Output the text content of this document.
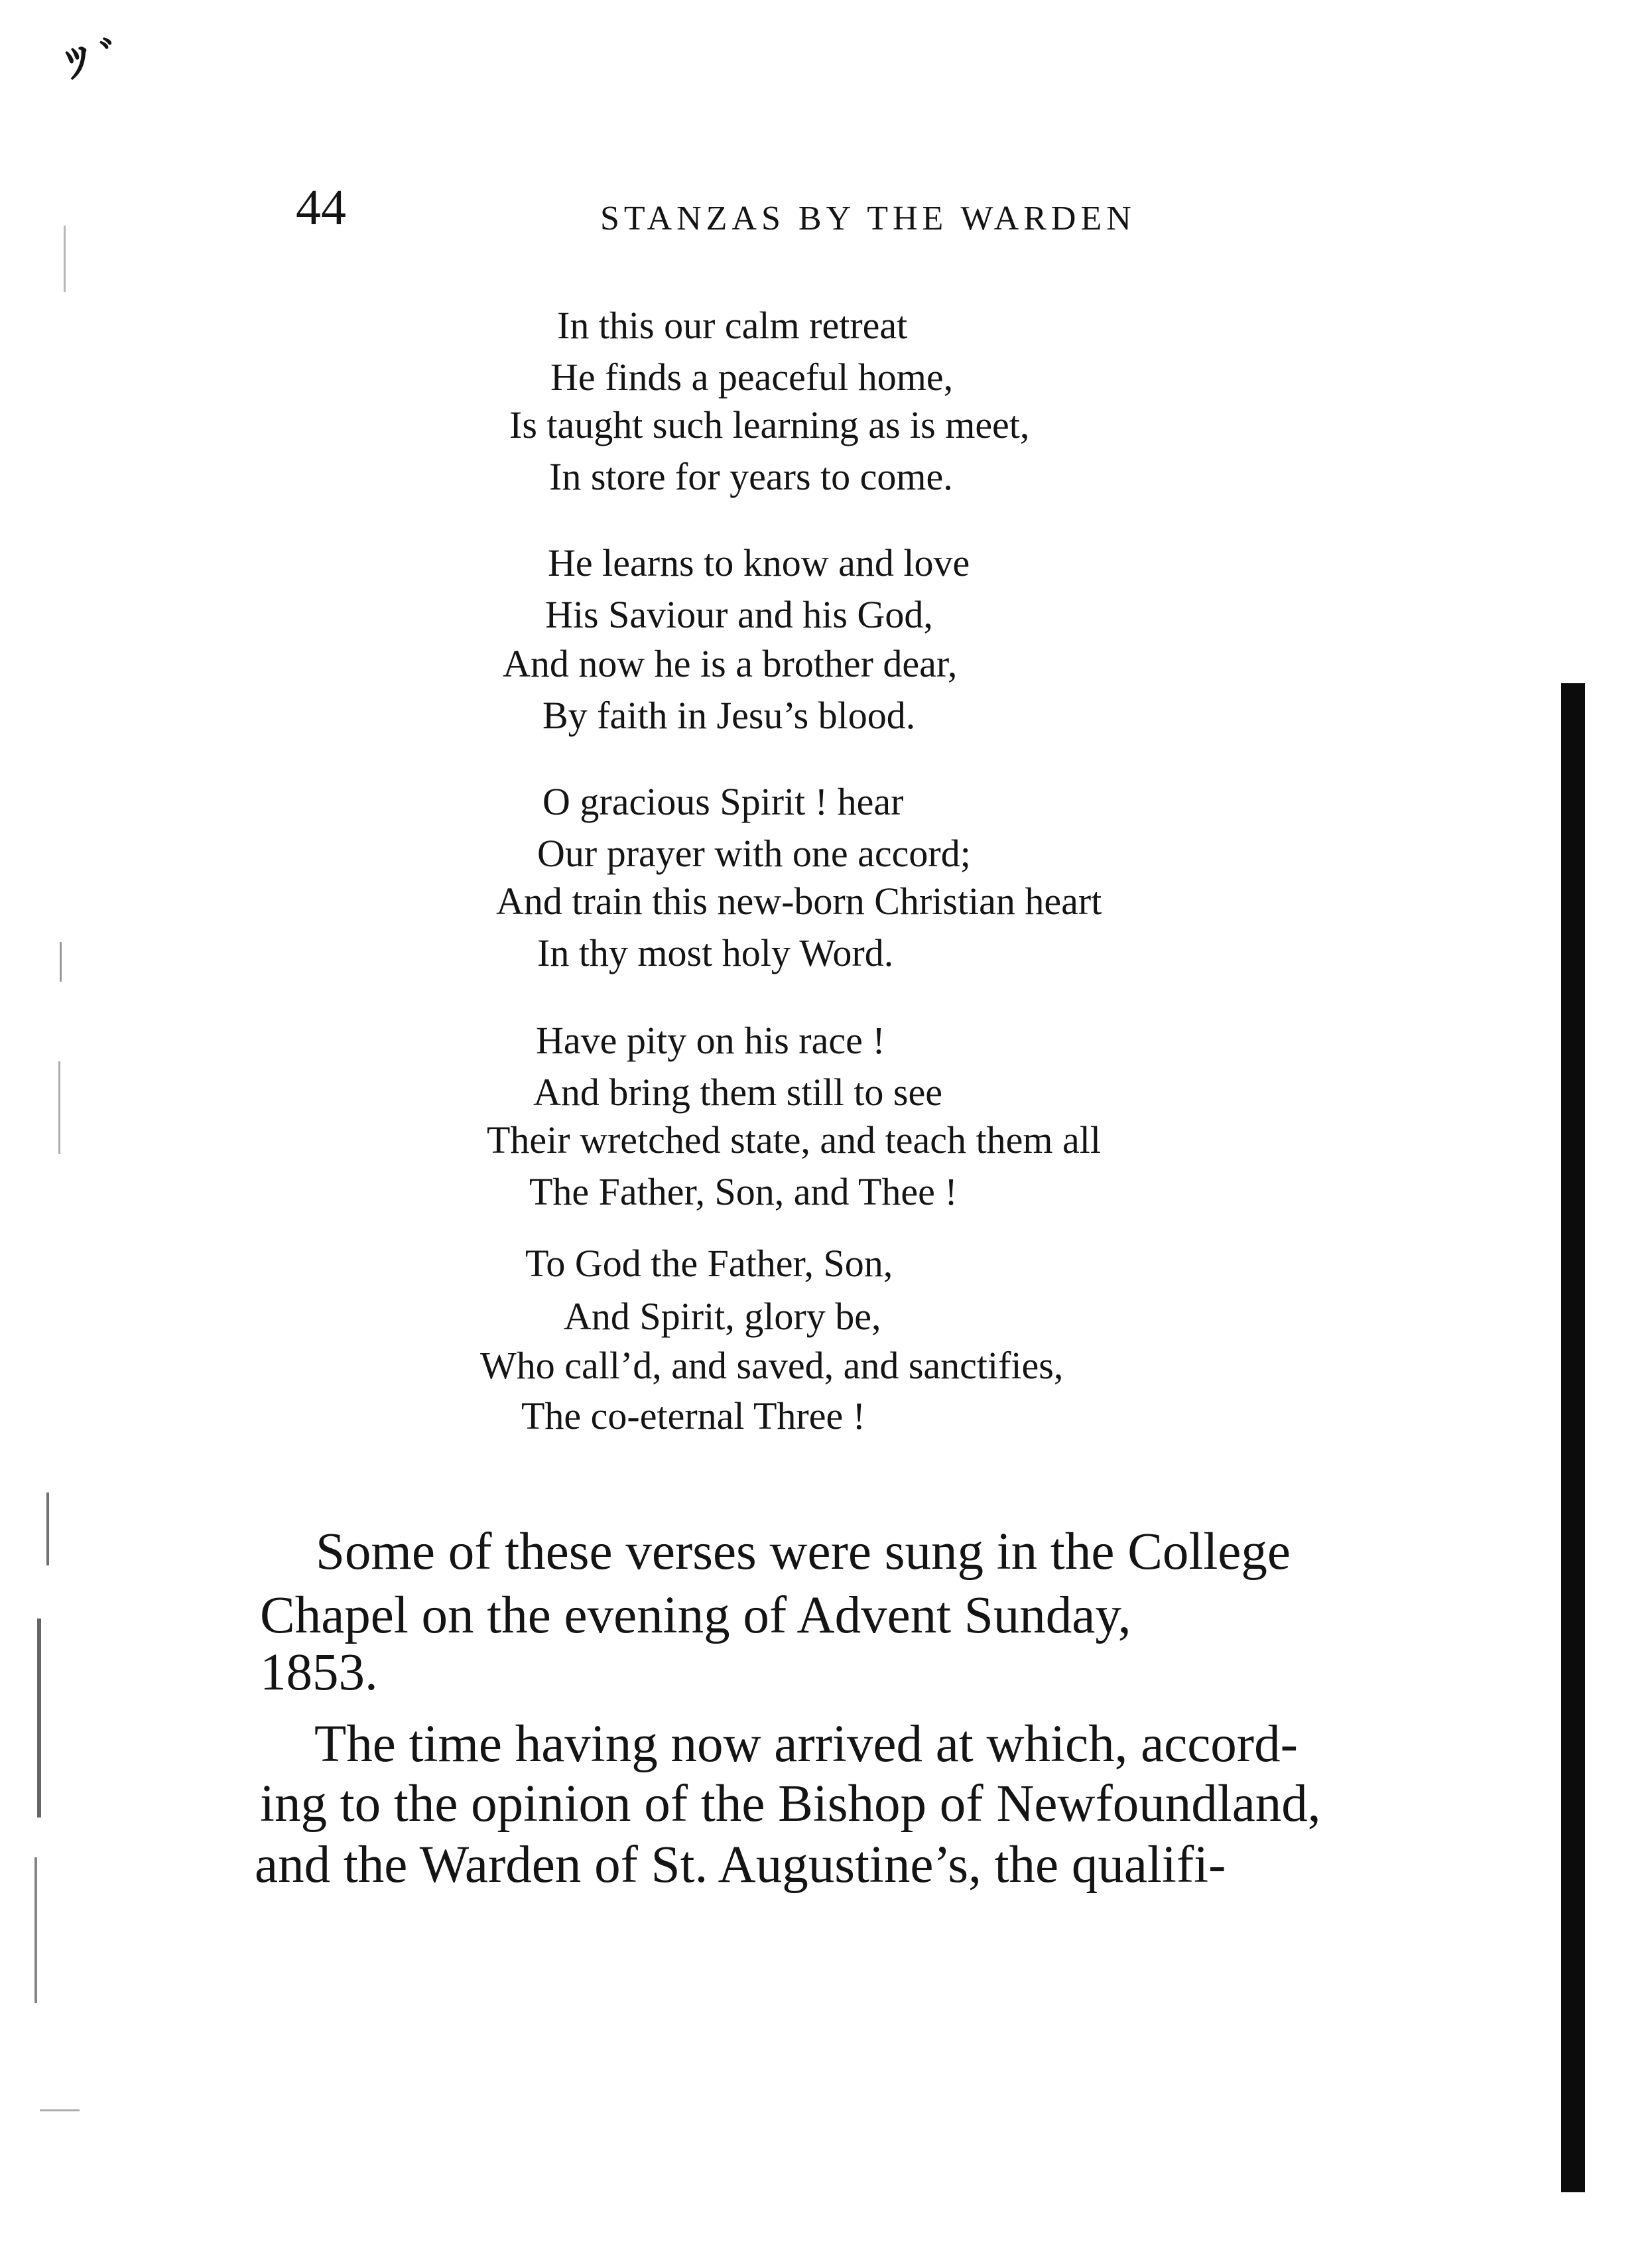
ﾂ ﾞ
44	STANZAS BY THE WARDEN
In this our calm retreat
He finds a peaceful home,
Is taught such learning as is meet,
In store for years to come.
He learns to know and love
His Saviour and his God,
And now he is a brother dear,
By faith in Jesu’s blood.
O gracious Spirit ! hear
Our prayer with one accord;
And train this new-born Christian heart
In thy most holy Word.
Have pity on his race !
And bring them still to see
Their wretched state, and teach them all
The Father, Son, and Thee !
To God the Father, Son,
And Spirit, glory be,
Who call’d, and saved, and sanctifies,
The co-eternal Three !
Some of these verses were sung in the College
Chapel on the evening of Advent Sunday,
1853.
The time having now arrived at which, accord-
ing to the opinion of the Bishop of Newfoundland,
and the Warden of St. Augustine’s, the qualifi-
